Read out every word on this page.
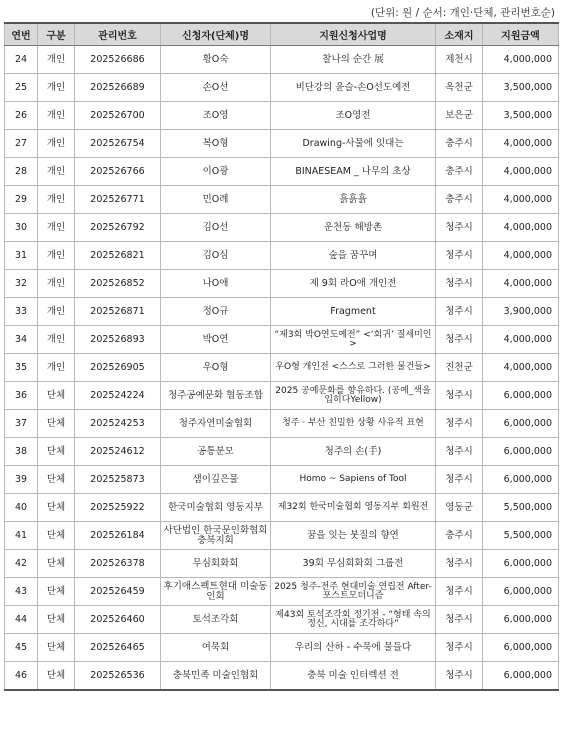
(단위: 원 / 순서: 개인·단체, 관리번호순)
연번	구분	관리번호	신청자(단체)명	지원신청사업명	소재지	지원금액
24	개인	202526686	황O숙	찰나의 순간 展	제천시	4,000,000
25	개인	202526689	손O선	비단강의 윤슬-손O선도예전	옥천군	3,500,000
26	개인	202526700	조O영	조O영전	보은군	3,500,000
27	개인	202526754	복O형	Drawing-사물에 잇대는	충주시	4,000,000
28	개인	202526766	이O광	BINAESEAM _ 나무의 초상	충주시	4,000,000
29	개인	202526771	민O례	흙흙흙	충주시	4,000,000
30	개인	202526792	김O선	운천동 해방촌	청주시	4,000,000
31	개인	202526821	김O심	숲을 꿈꾸며	청주시	4,000,000
32	개인	202526852	나O애	제 9회 라O애 개인전	청주시	4,000,000
33	개인	202526871	정O규	Fragment	청주시	3,900,000
34	개인	202526893	박O연	“제3회 박O연도예전” <‘회귀’ 질세미인>	청주시	4,000,000
35	개인	202526905	우O형	우O형 개인전 <스스로 그러한 물건들>	진천군	4,000,000
36	단체	202524224	청주공예문화 협동조합	2025 공예문화를 향유하다. (공예_색을입히다Yellow)	청주시	6,000,000
37	단체	202524253	청주자연미술협회	청주 · 부산 친밀한 상황 사유적 표현	청주시	6,000,000
38	단체	202524612	공통분모	청주의 손(手)	청주시	6,000,000
39	단체	202525873	샘이깊은물	Homo ~ Sapiens of Tool	청주시	6,000,000
40	단체	202525922	한국미술협회 영동지부	제32회 한국미술협회 영동지부 회원전	영동군	5,500,000
41	단체	202526184	사단법인 한국문인화협회 충북지회	꿈을 잇는 붓질의 향연	충주시	5,500,000
42	단체	202526378	무심회화회	39회 무심회화회 그룹전	청주시	6,000,000
43	단체	202526459	후기애스펙트현대 미술동인회	2025 청주-전주 현대미술 연립전 After-포스트모더니즘	청주시	6,000,000
44	단체	202526460	토석조각회	제43회 토석조각회 정기전 - “형태 속의 정신, 시대를 조각하다”	청주시	6,000,000
45	단체	202526465	여묵회	우리의 산하 - 수묵에 물들다	청주시	6,000,000
46	단체	202526536	충북민족 미술인협회	충북 미술 인터렉션 전	청주시	6,000,000
